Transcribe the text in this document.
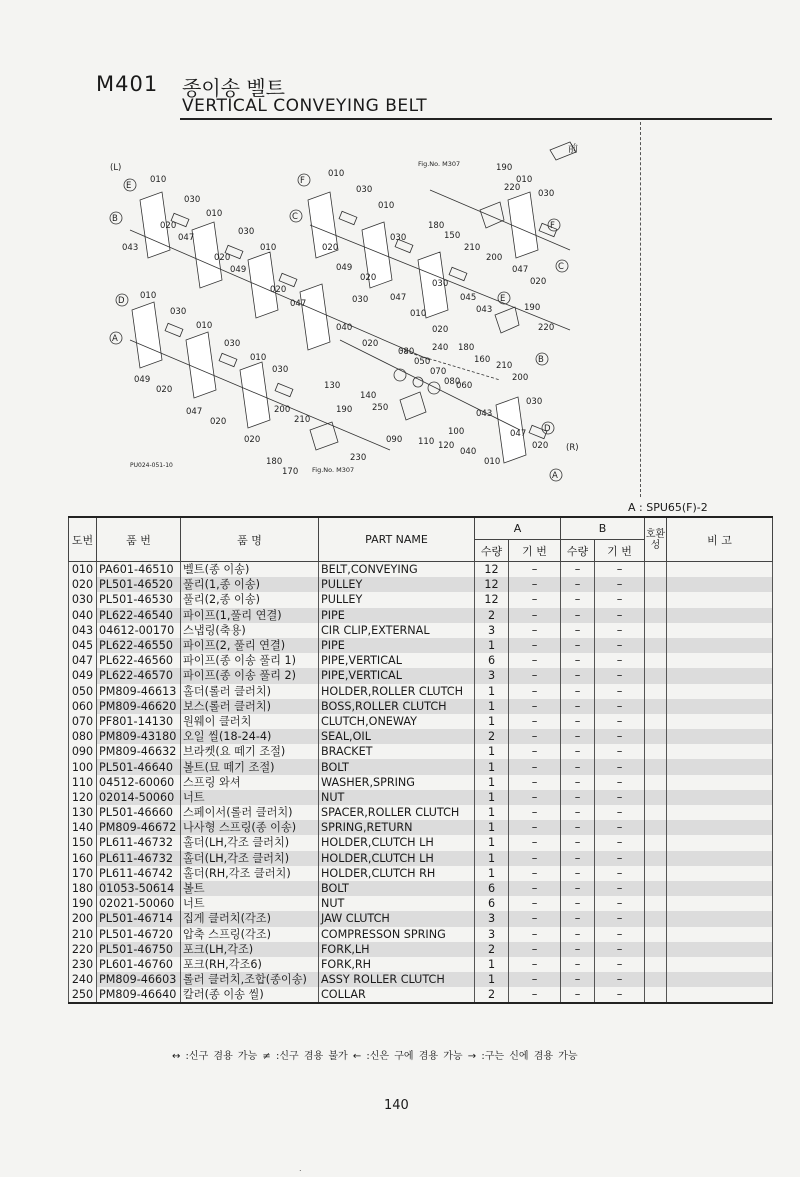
M401 종이송 벨트
VERTICAL CONVEYING BELT
(L)
(R)
E
B
D
A
F
C
F
C
E
B
D
A
010
030
010
030
010
043
020
047
020
049
020
047
010
030
010
030
020
049
020
047
030
010
040
020
010
030
010
030
010
030
049
020
047
020
020
200
210
190
180
170
230
130
140
250
080
050
070
080
060
240 180
160
090 110 120
100
040
010
043
047
020
030
190
010
220
030
180
150
210
200
047
020
030
045
043
020
190
220
210
200
Fig.No. M307
Fig.No. M307
前
PU024-051-10
A : SPU65(F)-2
도번	품 번	품 명	PART NAME	A		B		호환성	비 고
				수량	기 번	수량	기 번		
010	PA601-46510	벨트(종 이송)	BELT,CONVEYING	12	–	–	–		
020	PL501-46520	풀리(1,종 이송)	PULLEY	12	–	–	–		
030	PL501-46530	풀리(2,종 이송)	PULLEY	12	–	–	–		
040	PL622-46540	파이프(1,풀리 연결)	PIPE	2	–	–	–		
043	04612-00170	스냅링(축용)	CIR CLIP,EXTERNAL	3	–	–	–		
045	PL622-46550	파이프(2, 풀리 연결)	PIPE	1	–	–	–		
047	PL622-46560	파이프(종 이송 풀리 1)	PIPE,VERTICAL	6	–	–	–		
049	PL622-46570	파이프(종 이송 풀리 2)	PIPE,VERTICAL	3	–	–	–		
050	PM809-46613	홀더(롤러 클러치)	HOLDER,ROLLER CLUTCH	1	–	–	–		
060	PM809-46620	보스(롤러 클러치)	BOSS,ROLLER CLUTCH	1	–	–	–		
070	PF801-14130	원웨이 클러치	CLUTCH,ONEWAY	1	–	–	–		
080	PM809-43180	오일 씰(18-24-4)	SEAL,OIL	2	–	–	–		
090	PM809-46632	브라켓(요 떼기 조절)	BRACKET	1	–	–	–		
100	PL501-46640	볼트(묘 떼기 조절)	BOLT	1	–	–	–		
110	04512-60060	스프링 와셔	WASHER,SPRING	1	–	–	–		
120	02014-50060	너트	NUT	1	–	–	–		
130	PL501-46660	스페이서(롤러 클러치)	SPACER,ROLLER CLUTCH	1	–	–	–		
140	PM809-46672	나사형 스프링(종 이송)	SPRING,RETURN	1	–	–	–		
150	PL611-46732	홀더(LH,각조 클러치)	HOLDER,CLUTCH LH	1	–	–	–		
160	PL611-46732	홀더(LH,각조 클러치)	HOLDER,CLUTCH LH	1	–	–	–		
170	PL611-46742	홀더(RH,각조 클러치)	HOLDER,CLUTCH RH	1	–	–	–		
180	01053-50614	볼트	BOLT	6	–	–	–		
190	02021-50060	너트	NUT	6	–	–	–		
200	PL501-46714	집게 클러치(각조)	JAW CLUTCH	3	–	–	–		
210	PL501-46720	압축 스프링(각조)	COMPRESSON SPRING	3	–	–	–		
220	PL501-46750	포크(LH,각조)	FORK,LH	2	–	–	–		
230	PL601-46760	포크(RH,각조6)	FORK,RH	1	–	–	–		
240	PM809-46603	롤러 클러치,조합(종이송)	ASSY ROLLER CLUTCH	1	–	–	–		
250	PM809-46640	칼러(종 이송 씰)	COLLAR	2	–	–	–		
↔ :신구 겸용 가능 ≠ :신구 겸용 불가 ← :신은 구에 겸용 가능 → :구는 신에 겸용 가능
140
.
